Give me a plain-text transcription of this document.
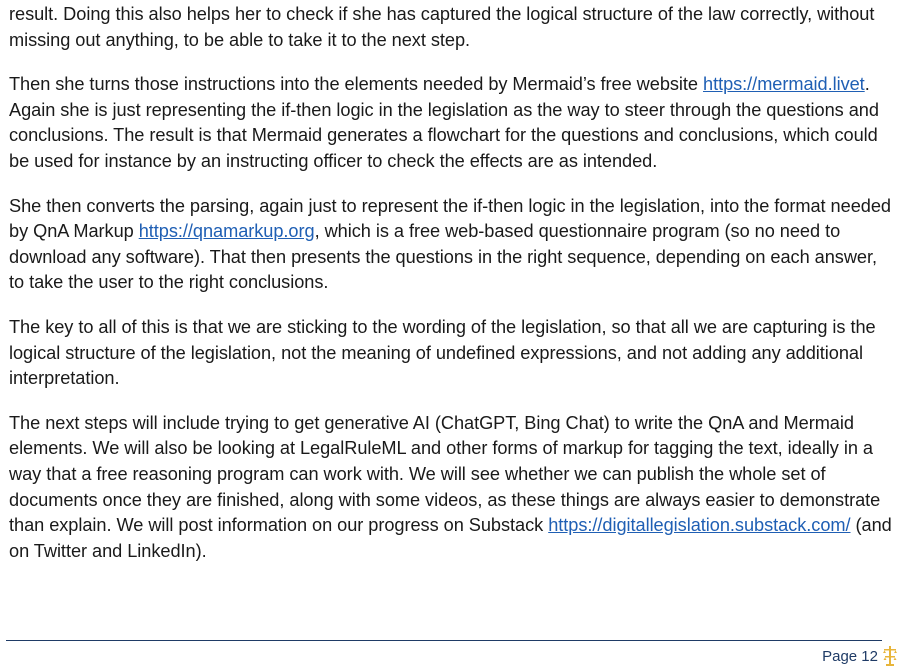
result. Doing this also helps her to check if she has captured the logical structure of the law correctly, without missing out anything, to be able to take it to the next step.

Then she turns those instructions into the elements needed by Mermaid’s free website https://mermaid.livet. Again she is just representing the if-then logic in the legislation as the way to steer through the questions and conclusions. The result is that Mermaid generates a flowchart for the questions and conclusions, which could be used for instance by an instructing officer to check the effects are as intended.

She then converts the parsing, again just to represent the if-then logic in the legislation, into the format needed by QnA Markup https://qnamarkup.org, which is a free web-based questionnaire program (so no need to download any software). That then presents the questions in the right sequence, depending on each answer, to take the user to the right conclusions.

The key to all of this is that we are sticking to the wording of the legislation, so that all we are capturing is the logical structure of the legislation, not the meaning of undefined expressions, and not adding any additional interpretation.

The next steps will include trying to get generative AI (ChatGPT, Bing Chat) to write the QnA and Mermaid elements. We will also be looking at LegalRuleML and other forms of markup for tagging the text, ideally in a way that a free reasoning program can work with. We will see whether we can publish the whole set of documents once they are finished, along with some videos, as these things are always easier to demonstrate than explain. We will post information on our progress on Substack https://digitallegislation.substack.com/ (and on Twitter and LinkedIn).

Page 12
